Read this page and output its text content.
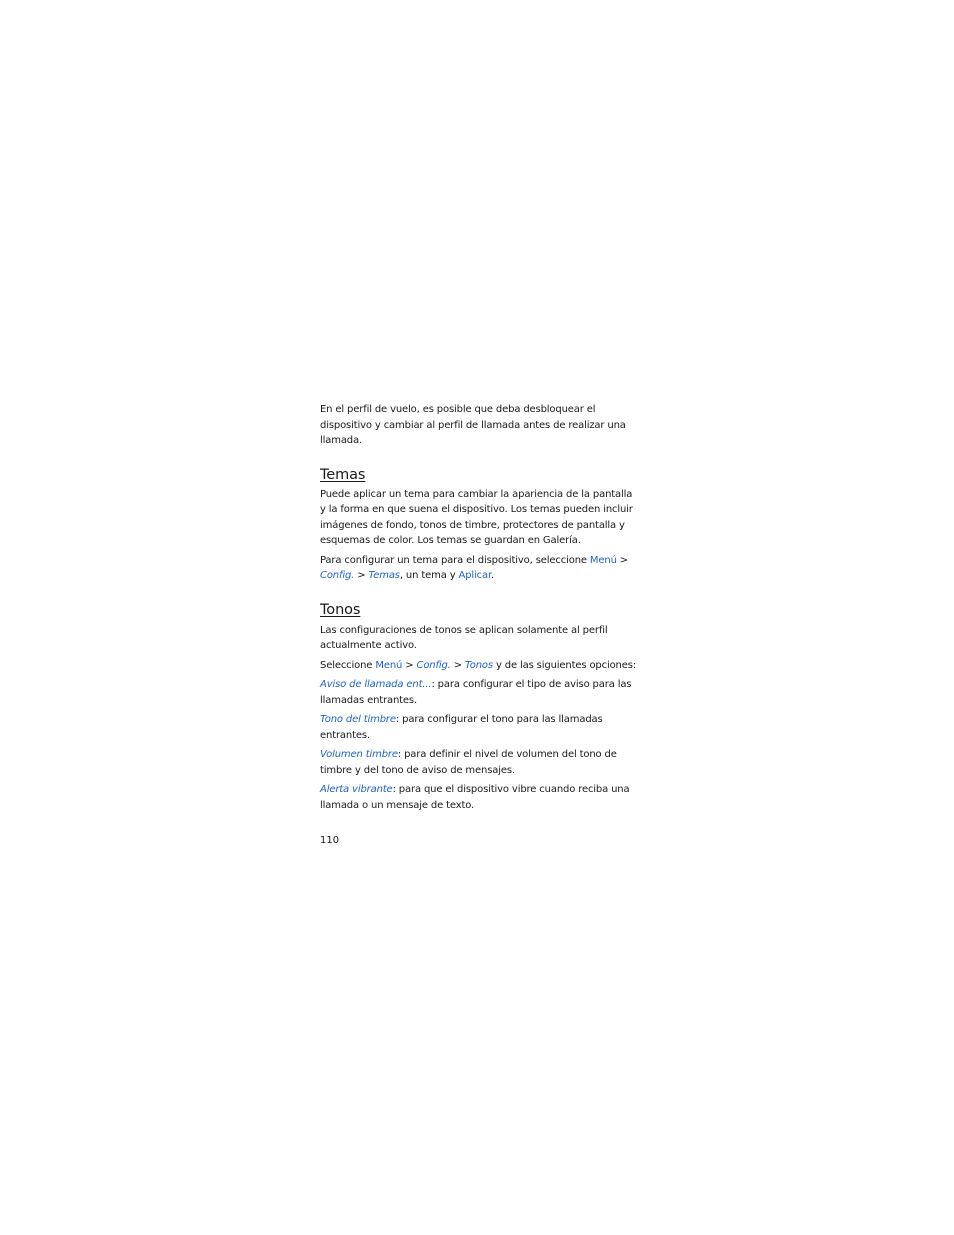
En el perfil de vuelo, es posible que deba desbloquear el dispositivo y cambiar al perfil de llamada antes de realizar una llamada.

Temas

Puede aplicar un tema para cambiar la apariencia de la pantalla y la forma en que suena el dispositivo. Los temas pueden incluir imágenes de fondo, tonos de timbre, protectores de pantalla y esquemas de color. Los temas se guardan en Galería.

Para configurar un tema para el dispositivo, seleccione Menú > Config. > Temas, un tema y Aplicar.

Tonos

Las configuraciones de tonos se aplican solamente al perfil actualmente activo.

Seleccione Menú > Config. > Tonos y de las siguientes opciones:

Aviso de llamada ent...: para configurar el tipo de aviso para las llamadas entrantes.

Tono del timbre: para configurar el tono para las llamadas entrantes.

Volumen timbre: para definir el nivel de volumen del tono de timbre y del tono de aviso de mensajes.

Alerta vibrante: para que el dispositivo vibre cuando reciba una llamada o un mensaje de texto.

110
